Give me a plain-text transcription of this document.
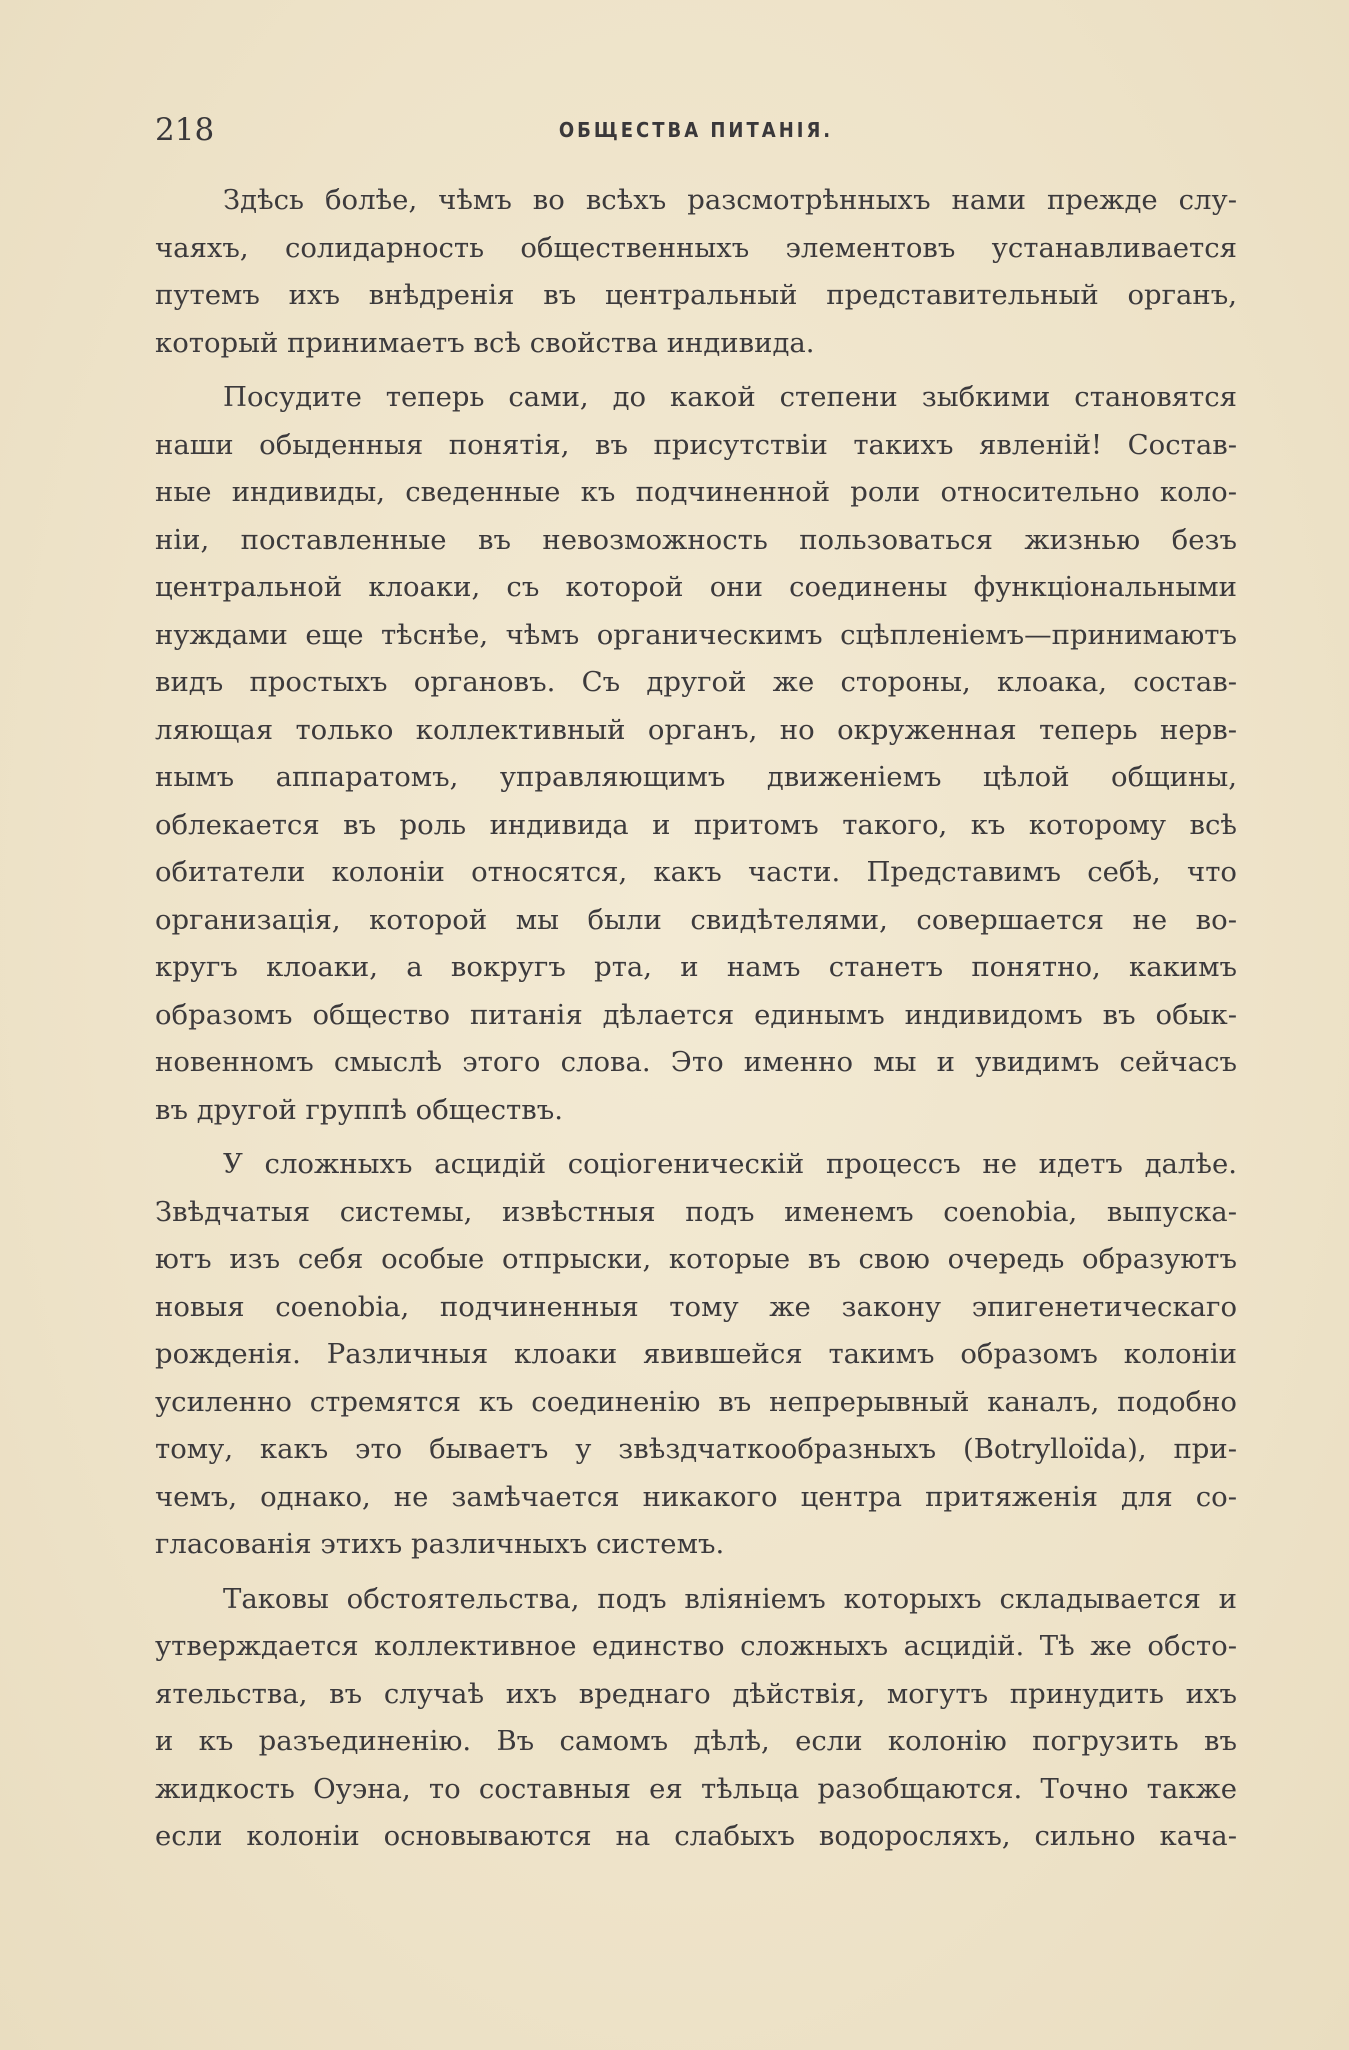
218	ОБЩЕСТВА ПИТАНІЯ.
Здѣсь болѣе, чѣмъ во всѣхъ разсмотрѣнныхъ нами прежде слу-
чаяхъ, солидарность общественныхъ элементовъ устанавливается
путемъ ихъ внѣдренія въ центральный представительный органъ,
который принимаетъ всѣ свойства индивида.
Посудите теперь сами, до какой степени зыбкими становятся
наши обыденныя понятія, въ присутствіи такихъ явленій! Состав-
ные индивиды, сведенные къ подчиненной роли относительно коло-
ніи, поставленные въ невозможность пользоваться жизнью безъ
центральной клоаки, съ которой они соединены функціональными
нуждами еще тѣснѣе, чѣмъ органическимъ сцѣпленіемъ—принимаютъ
видъ простыхъ органовъ. Съ другой же стороны, клоака, состав-
ляющая только коллективный органъ, но окруженная теперь нерв-
нымъ аппаратомъ, управляющимъ движеніемъ цѣлой общины,
облекается въ роль индивида и притомъ такого, къ которому всѣ
обитатели колоніи относятся, какъ части. Представимъ себѣ, что
организація, которой мы были свидѣтелями, совершается не во-
кругъ клоаки, а вокругъ рта, и намъ станетъ понятно, какимъ
образомъ общество питанія дѣлается единымъ индивидомъ въ обык-
новенномъ смыслѣ этого слова. Это именно мы и увидимъ сейчасъ
въ другой группѣ обществъ.
У сложныхъ асцидій соціогеническій процессъ не идетъ далѣе.
Звѣдчатыя системы, извѣстныя подъ именемъ coenobia, выпуска-
ютъ изъ себя особые отпрыски, которые въ свою очередь образуютъ
новыя coenobia, подчиненныя тому же закону эпигенетическаго
рожденія. Различныя клоаки явившейся такимъ образомъ колоніи
усиленно стремятся къ соединенію въ непрерывный каналъ, подобно
тому, какъ это бываетъ у звѣздчаткообразныхъ (Botrylloïda), при-
чемъ, однако, не замѣчается никакого центра притяженія для со-
гласованія этихъ различныхъ системъ.
Таковы обстоятельства, подъ вліяніемъ которыхъ складывается и
утверждается коллективное единство сложныхъ асцидій. Тѣ же обсто-
ятельства, въ случаѣ ихъ вреднаго дѣйствія, могутъ принудить ихъ
и къ разъединенію. Въ самомъ дѣлѣ, если колонію погрузить въ
жидкость Оуэна, то составныя ея тѣльца разобщаются. Точно также
если колоніи основываются на слабыхъ водоросляхъ, сильно кача-
